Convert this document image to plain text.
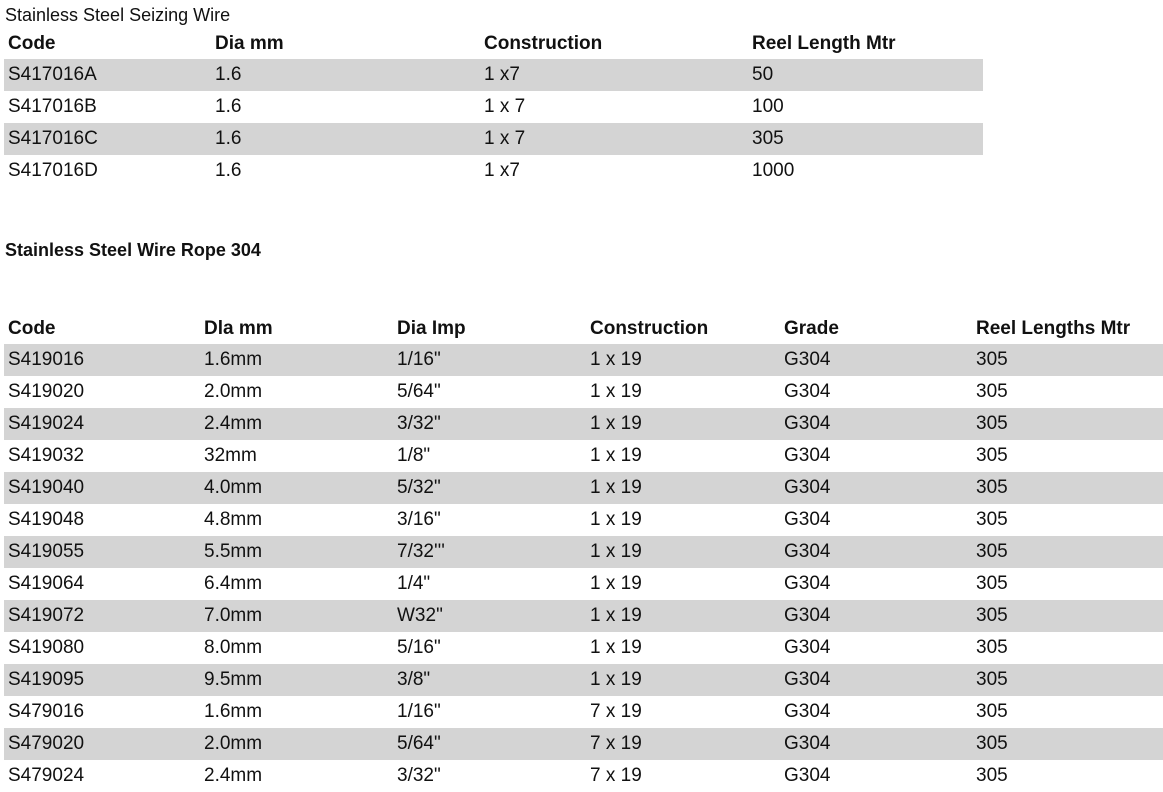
Stainless Steel Seizing Wire
Code	Dia mm	Construction	Reel Length Mtr
S417016A	1.6	1 x7	50
S417016B	1.6	1 x 7	100
S417016C	1.6	1 x 7	305
S417016D	1.6	1 x7	1000
Stainless Steel Wire Rope 304
Code	Dla mm	Dia Imp	Construction	Grade	Reel Lengths Mtr
S419016	1.6mm	1/16"	1 x 19	G304	305
S419020	2.0mm	5/64"	1 x 19	G304	305
S419024	2.4mm	3/32"	1 x 19	G304	305
S419032	32mm	1/8"	1 x 19	G304	305
S419040	4.0mm	5/32"	1 x 19	G304	305
S419048	4.8mm	3/16"	1 x 19	G304	305
S419055	5.5mm	7/32'''	1 x 19	G304	305
S419064	6.4mm	1/4"	1 x 19	G304	305
S419072	7.0mm	W32"	1 x 19	G304	305
S419080	8.0mm	5/16"	1 x 19	G304	305
S419095	9.5mm	3/8"	1 x 19	G304	305
S479016	1.6mm	1/16"	7 x 19	G304	305
S479020	2.0mm	5/64"	7 x 19	G304	305
S479024	2.4mm	3/32"	7 x 19	G304	305
